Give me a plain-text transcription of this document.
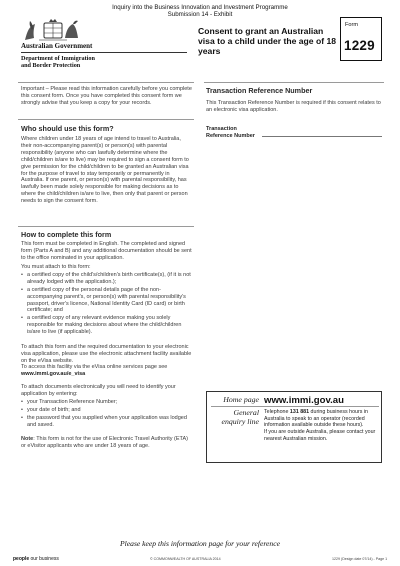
Inquiry into the Business Innovation and Investment Programme
Submission 14 - Exhibit
Australian Government
Department of Immigration
and Border Protection
Consent to grant an Australian visa to a child under the age of 18 years
Form
1229
Important – Please read this information carefully before you complete this consent form. Once you have completed this consent form we strongly advise that you keep a copy for your records.
Who should use this form?
Where children under 18 years of age intend to travel to Australia, their non-accompanying parent(s) or person(s) with parental responsibility (anyone who can lawfully determine where the child/children is/are to live) may be required to sign a consent form to give permission for the child/children to be granted an Australian visa for the purpose of travel to stay temporarily or permanently in Australia. If one parent, or person(s) with parental responsibility, has lawfully been made solely responsible for making decisions as to where the child/children is/are to live, then only that parent or person needs to sign the consent form.
How to complete this form
This form must be completed in English. The completed and signed form (Parts A and B) and any additional documentation should be sent to the office nominated in your application.
You must attach to this form:
• a certified copy of the child's/children's birth certificate(s), (if it is not already lodged with the application.);
• a certified copy of the personal details page of the non-accompanying parent's, or person(s) with parental responsibility's passport, driver's licence, National Identity Card (ID card) or birth certificate; and
• a certified copy of any relevant evidence making you solely responsible for making decisions about where the child/children is/are to live (if applicable).
To attach this form and the required documentation to your electronic visa application, please use the electronic attachment facility available on the eVisa website.
To access this facility via the eVisa online services page see
www.immi.gov.au/e_visa
To attach documents electronically you will need to identify your application by entering:
• your Transaction Reference Number;
• your date of birth; and
• the password that you supplied when your application was lodged and saved.
Note: This form is not for the use of Electronic Travel Authority (ETA) or eVisitor applicants who are under 18 years of age.
Transaction Reference Number
This Transaction Reference Number is required if this consent relates to an electronic visa application.
Transaction Reference Number
Home page www.immi.gov.au
General
enquiry line
Telephone 131 881 during business hours in Australia to speak to an operator (recorded information available outside these hours).
If you are outside Australia, please contact your nearest Australian mission.
Please keep this information page for your reference
people our business	© COMMONWEALTH OF AUSTRALIA 2014	1229 (Design date 07/14) - Page 1
